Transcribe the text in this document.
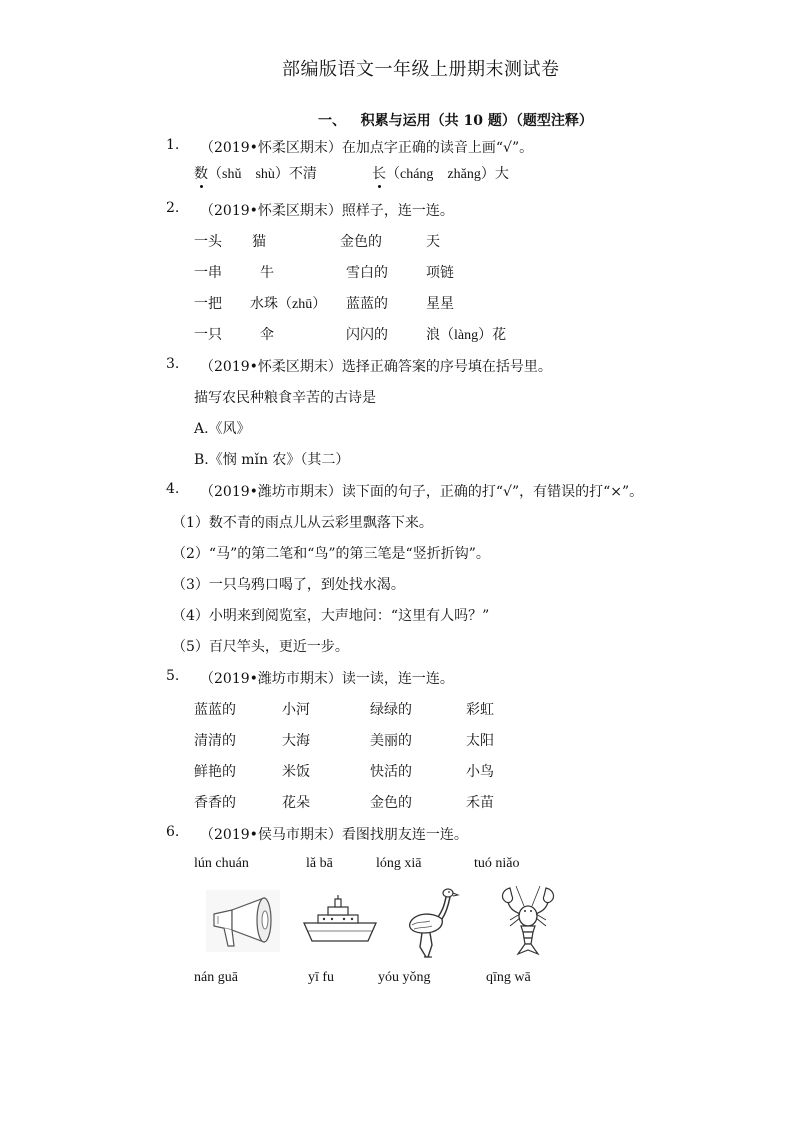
部编版语文一年级上册期末测试卷
一、 积累与运用（共 10 题）（题型注释）
1. （2019•怀柔区期末）在加点字正确的读音上画“√”。
数（shǔ　shù）不清	长（cháng　zhǎng）大
2. （2019•怀柔区期末）照样子，连一连。
一头 猫	金色的	天
一串	牛	雪白的	项链
一把 水珠（zhū） 蓝蓝的	星星
一只	伞	闪闪的	浪（làng）花
3. （2019•怀柔区期末）选择正确答案的序号填在括号里。
描写农民种粮食辛苦的古诗是
A.《风》
B.《悯 mǐn 农》（其二）
4. （2019•潍坊市期末）读下面的句子，正确的打“√”，有错误的打“×”。
（1）数不青的雨点儿从云彩里飘落下来。
（2）“马”的第二笔和“鸟”的第三笔是“竖折折钩”。
（3）一只乌鸦口喝了，到处找水渴。
（4）小明来到阅览室，大声地问：“这里有人吗？”
（5）百尺竿头，更近一步。
5. （2019•潍坊市期末）读一读，连一连。
蓝蓝的	小河	绿绿的	彩虹
清清的	大海	美丽的	太阳
鲜艳的	米饭	快活的	小鸟
香香的	花朵	金色的	禾苗
6. （2019•侯马市期末）看图找朋友连一连。
lún chuán	lǎ bā	lóng xiā	tuó niǎo
nán guā	yī fu	yóu yǒng	qīng wā
